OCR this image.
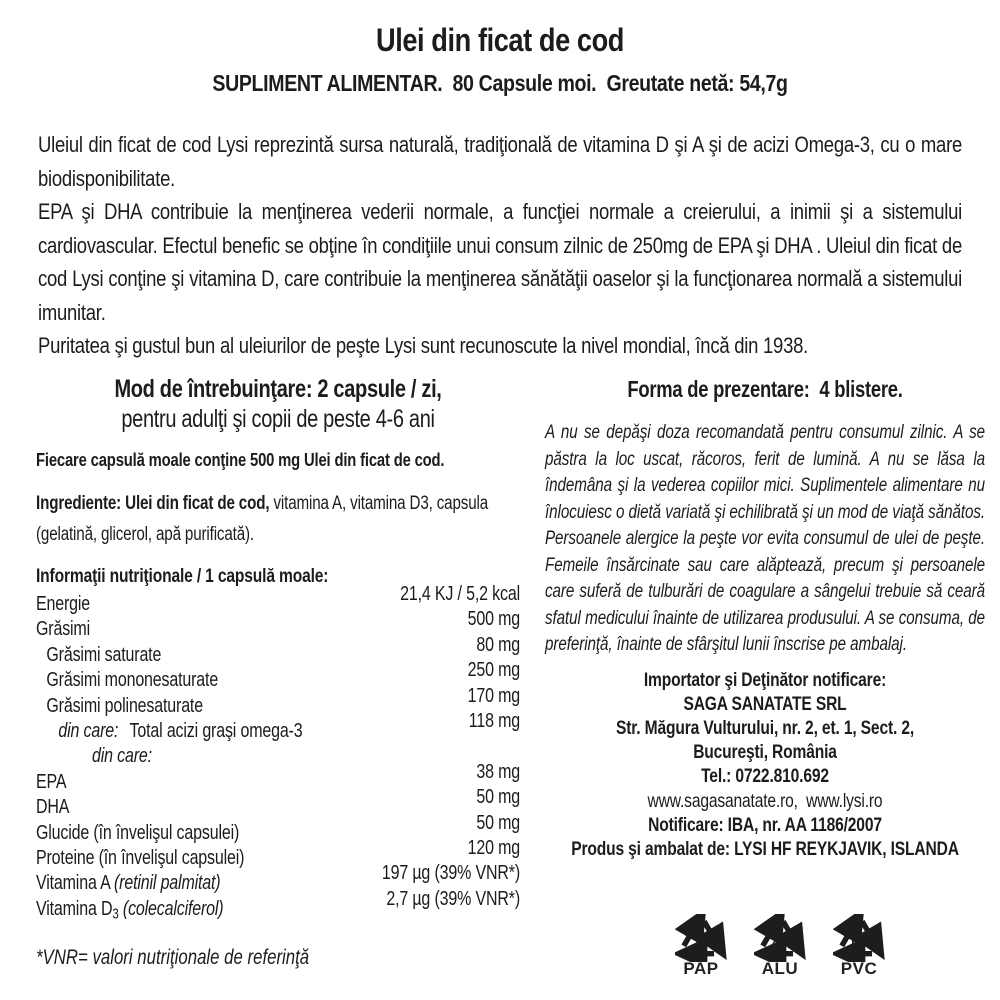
Ulei din ficat de cod
SUPLIMENT ALIMENTAR.  80 Capsule moi.  Greutate netă: 54,7g

Uleiul din ficat de cod Lysi reprezintă sursa naturală, tradiţională de vitamina D şi A şi de acizi Omega-3, cu o mare biodisponibilitate.

EPA şi DHA contribuie la menţinerea vederii normale, a funcţiei normale a creierului, a inimii şi a sistemului cardiovascular. Efectul benefic se obţine în condiţiile unui consum zilnic de 250mg de EPA şi DHA . Uleiul din ficat de cod Lysi conţine şi vitamina D, care contribuie la menţinerea sănătăţii oaselor şi la funcţionarea normală a sistemului imunitar.

Puritatea şi gustul bun al uleiurilor de peşte Lysi sunt recunoscute la nivel mondial, încă din 1938.

Mod de întrebuinţare: 2 capsule / zi,
pentru adulţi şi copii de peste 4-6 ani
Fiecare capsulă moale conţine 500 mg Ulei din ficat de cod.
Ingrediente: Ulei din ficat de cod, vitamina A, vitamina D3, capsula (gelatină, glicerol, apă purificată).
Informaţii nutriţionale / 1 capsulă moale:
Energie	21,4 KJ / 5,2 kcal
Grăsimi	500 mg
Grăsimi saturate	80 mg
Grăsimi mononesaturate	250 mg
Grăsimi polinesaturate	170 mg
din care: Total acizi graşi omega-3	118 mg
din care:
EPA	38 mg
DHA	50 mg
Glucide (în învelişul capsulei)	50 mg
Proteine (în învelişul capsulei)	120 mg
Vitamina A (retinil palmitat)	197 µg (39% VNR*)
Vitamina $D_3$ (colecalciferol)	2,7 µg (39% VNR*)
*VNR= valori nutriţionale de referinţă
Forma de prezentare:  4 blistere.
A nu se depăşi doza recomandată pentru consumul zilnic. A se păstra la loc uscat, răcoros, ferit de lumină. A nu se lăsa la îndemâna şi la vederea copiilor mici. Suplimentele alimentare nu înlocuiesc o dietă variată şi echilibrată şi un mod de viaţă sănătos. Persoanele alergice la peşte vor evita consumul de ulei de peşte. Femeile însărcinate sau care alăptează, precum şi persoanele care suferă de tulburări de coagulare a sângelui trebuie să ceară sfatul medicului înainte de utilizarea produsului. A se consuma, de preferinţă, înainte de sfârşitul lunii înscrise pe ambalaj.
Importator şi Deţinător notificare:
SAGA SANATATE SRL
Str. Măgura Vulturului, nr. 2, et. 1, Sect. 2,
Bucureşti, România
Tel.: 0722.810.692
www.sagasanatate.ro,  www.lysi.ro
Notificare: IBA, nr. AA 1186/2007
Produs şi ambalat de: LYSI HF REYKJAVIK, ISLANDA
21
PAP
41
ALU
03
PVC
